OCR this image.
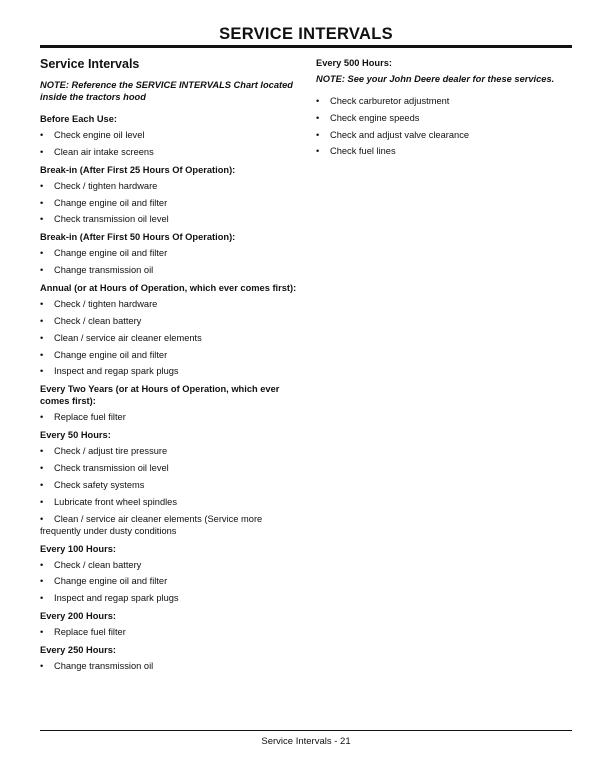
SERVICE INTERVALS
Service Intervals
NOTE: Reference the SERVICE INTERVALS Chart located inside the tractors hood
Before Each Use:
• Check engine oil level
• Clean air intake screens
Break-in (After First 25 Hours Of Operation):
• Check / tighten hardware
• Change engine oil and filter
• Check transmission oil level
Break-in (After First 50 Hours Of Operation):
• Change engine oil and filter
• Change transmission oil
Annual (or at Hours of Operation, which ever comes first):
• Check / tighten hardware
• Check / clean battery
• Clean / service air cleaner elements
• Change engine oil and filter
• Inspect and regap spark plugs
Every Two Years (or at Hours of Operation, which ever comes first):
• Replace fuel filter
Every 50 Hours:
• Check / adjust tire pressure
• Check transmission oil level
• Check safety systems
• Lubricate front wheel spindles
• Clean / service air cleaner elements (Service more frequently under dusty conditions
Every 100 Hours:
• Check / clean battery
• Change engine oil and filter
• Inspect and regap spark plugs
Every 200 Hours:
• Replace fuel filter
Every 250 Hours:
• Change transmission oil
Every 500 Hours:
NOTE: See your John Deere dealer for these services.
• Check carburetor adjustment
• Check engine speeds
• Check and adjust valve clearance
• Check fuel lines
Service Intervals - 21
